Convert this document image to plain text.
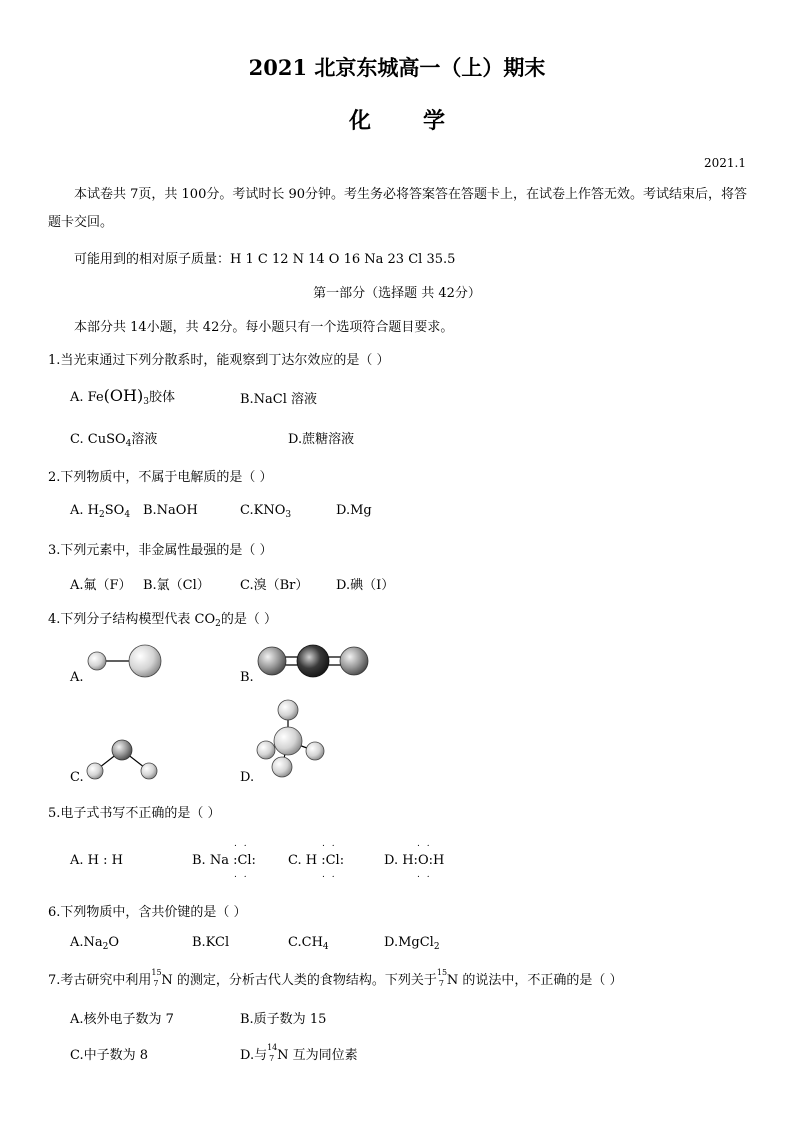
2021 北京东城高一（上）期末
化 学
2021.1
本试卷共 7页，共 100分。考试时长 90分钟。考生务必将答案答在答题卡上，在试卷上作答无效。考试结束后，将答题卡交回。
可能用到的相对原子质量：H 1 C 12 N 14 O 16 Na 23 Cl 35.5
第一部分（选择题 共 42分）
本部分共 14小题，共 42分。每小题只有一个选项符合题目要求。
1.当光束通过下列分散系时，能观察到丁达尔效应的是（ ）
A. $Fe(OH)_3$胶体	B.NaCl 溶液
C. CuSO$_4$溶液	D.蔗糖溶液
2.下列物质中，不属于电解质的是（ ）
A. $H_2SO_4$ B.NaOH	$C.KNO_3$	D.Mg
3.下列元素中，非金属性最强的是（ ）
A.氟（F） B.氯（Cl） C.溴（Br） D.碘（I）
4.下列分子结构模型代表 $CO_2$的是（ ）
A.	B.
C.	D.
5.电子式书写不正确的是（ ）
A. H : H	B. Na :Cl: C. H :Cl:	D. H:O:H
. .
. .
. .
. .
. .
. .
6.下列物质中，含共价键的是（ ）
$A.Na_2O$	B.KCl	$C.CH_4$	D.MgCl$_2$
7.考古研究中利用
15
7 N 的测定，分析古代人类的食物结构。下列关于
15
7 N 的说法中，不正确的是（ ）
A.核外电子数为 7	B.质子数为 15
C.中子数为 8	D.与
14
7 N 互为同位素
